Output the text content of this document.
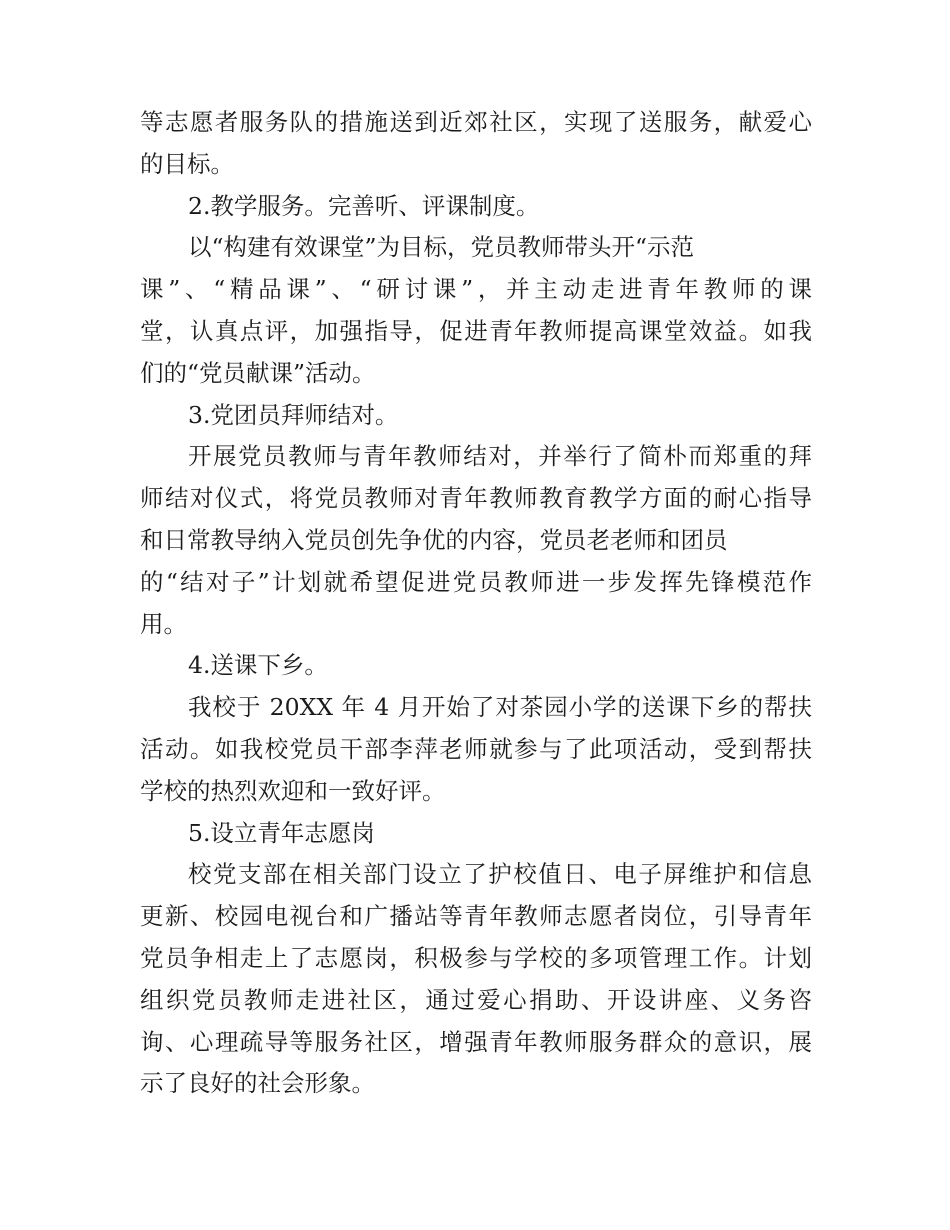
等志愿者服务队的措施送到近郊社区，实现了送服务，献爱心
的目标。
2.教学服务。完善听、评课制度。
以“构建有效课堂”为目标，党员教师带头开“示范
课”、“精品课”、“研讨课”，并主动走进青年教师的课
堂，认真点评，加强指导，促进青年教师提高课堂效益。如我
们的“党员献课”活动。
3.党团员拜师结对。
开展党员教师与青年教师结对，并举行了简朴而郑重的拜
师结对仪式，将党员教师对青年教师教育教学方面的耐心指导
和日常教导纳入党员创先争优的内容，党员老老师和团员
的“结对子”计划就希望促进党员教师进一步发挥先锋模范作
用。
4.送课下乡。
我校于 20XX 年 4 月开始了对茶园小学的送课下乡的帮扶
活动。如我校党员干部李萍老师就参与了此项活动，受到帮扶
学校的热烈欢迎和一致好评。
5.设立青年志愿岗
校党支部在相关部门设立了护校值日、电子屏维护和信息
更新、校园电视台和广播站等青年教师志愿者岗位，引导青年
党员争相走上了志愿岗，积极参与学校的多项管理工作。计划
组织党员教师走进社区，通过爱心捐助、开设讲座、义务咨
询、心理疏导等服务社区，增强青年教师服务群众的意识，展
示了良好的社会形象。
